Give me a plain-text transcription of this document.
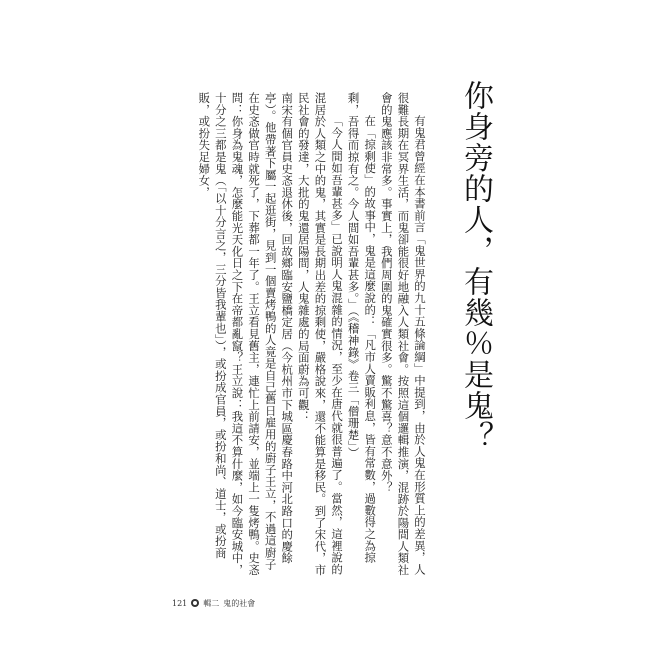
你身旁的人，有幾％是鬼？

有鬼君曾經在本書前言「鬼世界的九十五條論綱」中提到，由於人鬼在形質上的差異，人很難長期在冥界生活，而鬼卻能很好地融入人類社會。按照這個邏輯推演，混跡於陽間人類社會的鬼應該非常多。事實上，我們周圍的鬼確實很多。驚不驚喜？意不意外？

在「掠剩使」的故事中，鬼是這麼說的：「凡市人賣販利息，皆有常數，過數得之為掠剩，吾得而掠有之。今人間如吾輩甚多。」（《稽神錄》卷三「僧珊楚」）

「今人間如吾輩甚多」已說明人鬼混雜的情況，至少在唐代就很普遍了。當然，這裡說的混居於人類之中的鬼，其實是長期出差的掠剩使，嚴格說來，還不能算是移民。到了宋代，市民社會的發達，大批的鬼還居陽間，人鬼雜處的局面蔚為可觀：

南宋有個官員史忞退休後，回故鄉臨安鹽橋定居（今杭州市下城區慶春路中河北路口的慶餘亭）。他帶著下屬一起逛街，見到一個賣烤鴨的人竟是自己舊日雇用的廚子王立，不過這廚子在史忞做官時就死了，下葬都一年了。王立看見舊主，連忙上前請安，並端上一隻烤鴨。史忞問：你身為鬼魂，怎麼能光天化日之下在帝都亂竄？王立說：我這不算什麼，如今臨安城中，十分之三都是鬼（「以十分言之，三分皆我輩也」），或扮成官員，或扮和尚、道士，或扮商販，或扮失足婦女，

121 輯二 鬼的社會
